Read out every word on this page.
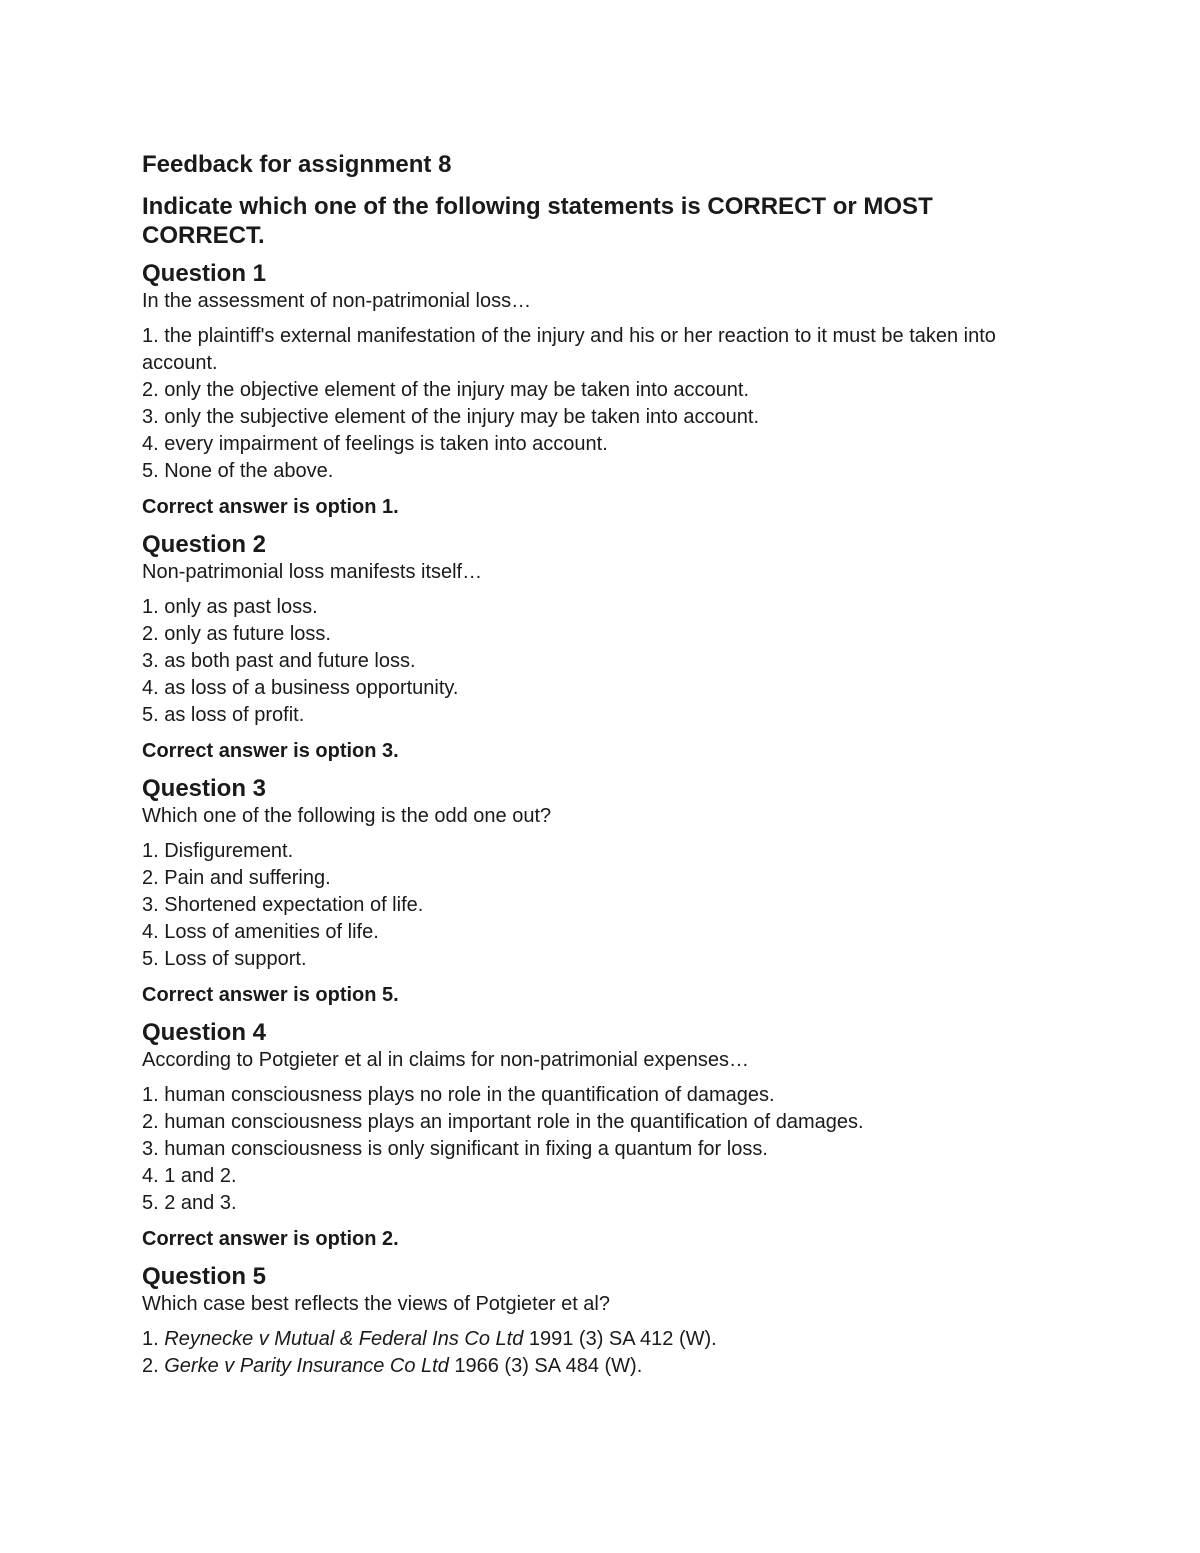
Feedback for assignment 8

Indicate which one of the following statements is CORRECT or MOST CORRECT.

Question 1

In the assessment of non-patrimonial loss…

1. the plaintiff's external manifestation of the injury and his or her reaction to it must be taken into account.
2. only the objective element of the injury may be taken into account.
3. only the subjective element of the injury may be taken into account.
4. every impairment of feelings is taken into account.
5. None of the above.

Correct answer is option 1.

Question 2

Non-patrimonial loss manifests itself…

1. only as past loss.
2. only as future loss.
3. as both past and future loss.
4. as loss of a business opportunity.
5. as loss of profit.

Correct answer is option 3.

Question 3

Which one of the following is the odd one out?

1. Disfigurement.
2. Pain and suffering.
3. Shortened expectation of life.
4. Loss of amenities of life.
5. Loss of support.

Correct answer is option 5.

Question 4

According to Potgieter et al in claims for non-patrimonial expenses…

1. human consciousness plays no role in the quantification of damages.
2. human consciousness plays an important role in the quantification of damages.
3. human consciousness is only significant in fixing a quantum for loss.
4. 1 and 2.
5. 2 and 3.

Correct answer is option 2.

Question 5

Which case best reflects the views of Potgieter et al?

1. Reynecke v Mutual & Federal Ins Co Ltd 1991 (3) SA 412 (W).
2. Gerke v Parity Insurance Co Ltd 1966 (3) SA 484 (W).
